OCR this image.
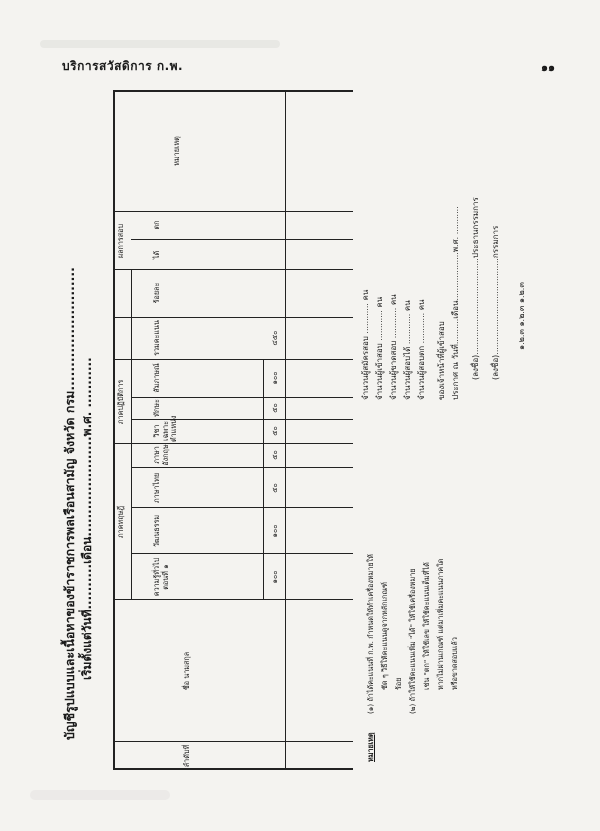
บริการสวัสดิการ ก.พ.	๑๑
บัญชีรูปแบบและเนื้อหาของข้าราชการพลเรือนสามัญ จังหวัด กรม.......................... เริ่มตั้งแต่วันที่..........เดือน......................พ.ศ. ...........
ลำดับที่
ชื่อ นามสกุล
ภาคทฤษฎี
ความรู้ทั่วไปตอนที่ ๑
วัฒนธรรม
ภาษาไทย
ภาษาอังกฤษ
ภาคปฏิบัติการ
วิชาเฉพาะตำแหน่ง
ทักษะ
สัมภาษณ์
รวมคะแนน
ร้อยละ
ผลการสอบ	ได้
ตก
หมายเหตุ
๑๐๐
๑๐๐
๕๐
๕๐
๕๐
๕๐
๑๐๐
๔๕๐
หมายเหตุ
(๑) ถ้าได้คะแนนที่ ก.พ. กำหนดให้ทำเครื่องหมายให้ ชัด ๆ วิธีให้คะแนนดูจากหลักเกณฑ์ ร้อย (๒) ถ้าให้ใช้คะแนนเพิ่ม "ได้" ให้ใช้เครื่องหมาย เช่น "ตก" ให้ใช้เลข ให้ใช้คะแนนเต็มที่ได้ หากไม่ผ่านเกณฑ์ แต่มาเพิ่มคะแนนภาคใด หรือขาดสอบแล้ว
จำนวนผู้สมัครสอบ ............ คน จำนวนผู้เข้าสอบ ............ คน จำนวนผู้ขาดสอบ ............ คน จำนวนผู้สอบได้ ............ คน จำนวนผู้สอบตก ............ คน ของเจ้าหน้าที่ผู้เข้าสอบ ประกาศ ณ วันที่..........เดือน...................พ.ศ. ........... (ลงชื่อ)......................................ประธานกรรมการ (ลงชื่อ)......................................กรรมการ ๑.๒.๓ ๑.๒.๓ ๑.๒.๓
